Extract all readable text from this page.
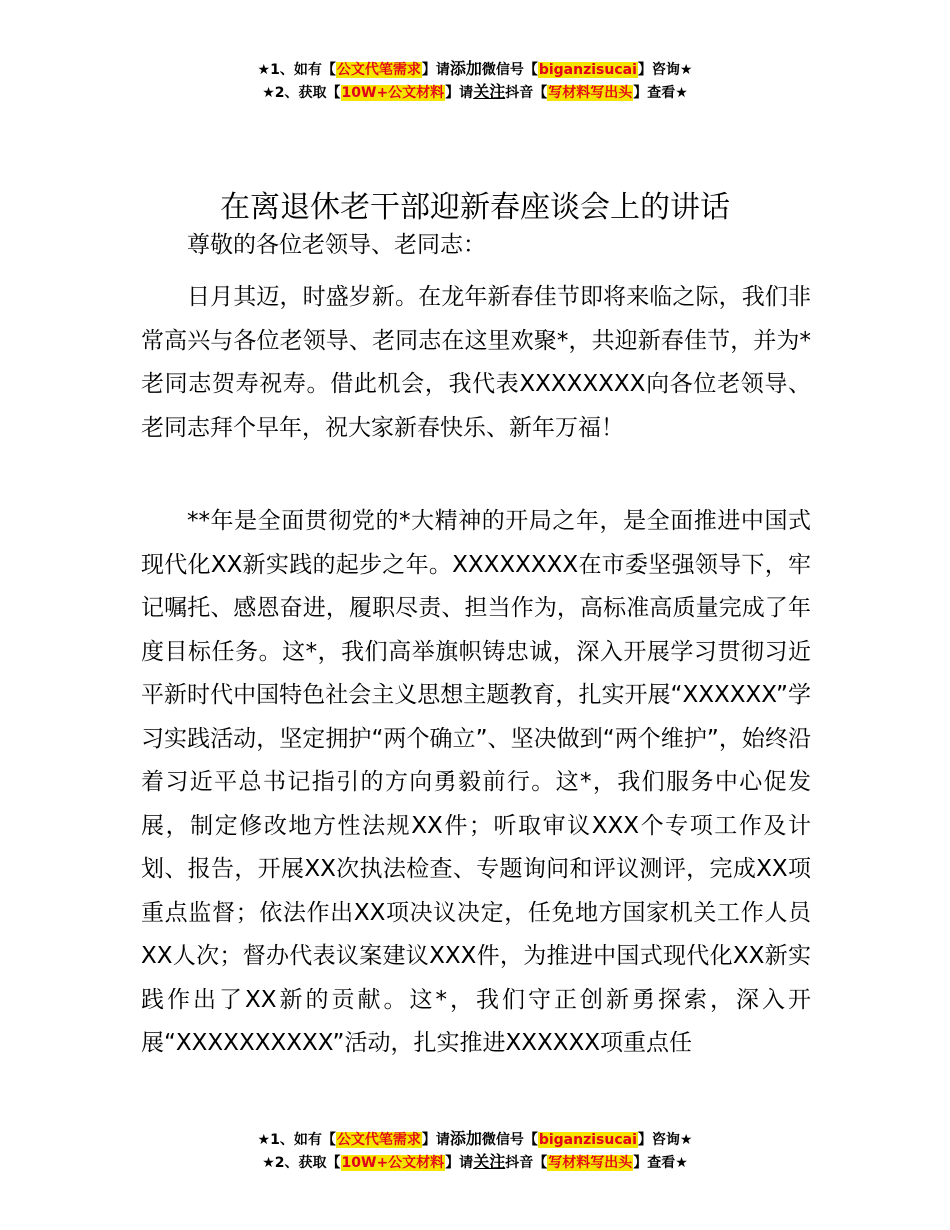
★1、如有【公文代笔需求】请添加微信号【biganzisucai】咨询★
★2、获取【10W+公文材料】请关注抖音【写材料写出头】查看★
在离退休老干部迎新春座谈会上的讲话

尊敬的各位老领导、老同志：

日月其迈，时盛岁新。在龙年新春佳节即将来临之际，我们非常高兴与各位老领导、老同志在这里欢聚*，共迎新春佳节，并为*老同志贺寿祝寿。借此机会，我代表XXXXXXXX向各位老领导、老同志拜个早年，祝大家新春快乐、新年万福！

**年是全面贯彻党的*大精神的开局之年，是全面推进中国式现代化XX新实践的起步之年。XXXXXXXX在市委坚强领导下，牢记嘱托、感恩奋进，履职尽责、担当作为，高标准高质量完成了年度目标任务。这*，我们高举旗帜铸忠诚，深入开展学习贯彻习近平新时代中国特色社会主义思想主题教育，扎实开展“XXXXXX”学习实践活动，坚定拥护“两个确立”、坚决做到“两个维护”，始终沿着习近平总书记指引的方向勇毅前行。这*，我们服务中心促发展，制定修改地方性法规XX件；听取审议XXX个专项工作及计划、报告，开展XX次执法检查、专题询问和评议测评，完成XX项重点监督；依法作出XX项决议决定，任免地方国家机关工作人员XX人次；督办代表议案建议XXX件，为推进中国式现代化XX新实践作出了XX新的贡献。这*，我们守正创新勇探索，深入开展“XXXXXXXXXX”活动，扎实推进XXXXXX项重点任

★1、如有【公文代笔需求】请添加微信号【biganzisucai】咨询★
★2、获取【10W+公文材料】请关注抖音【写材料写出头】查看★
